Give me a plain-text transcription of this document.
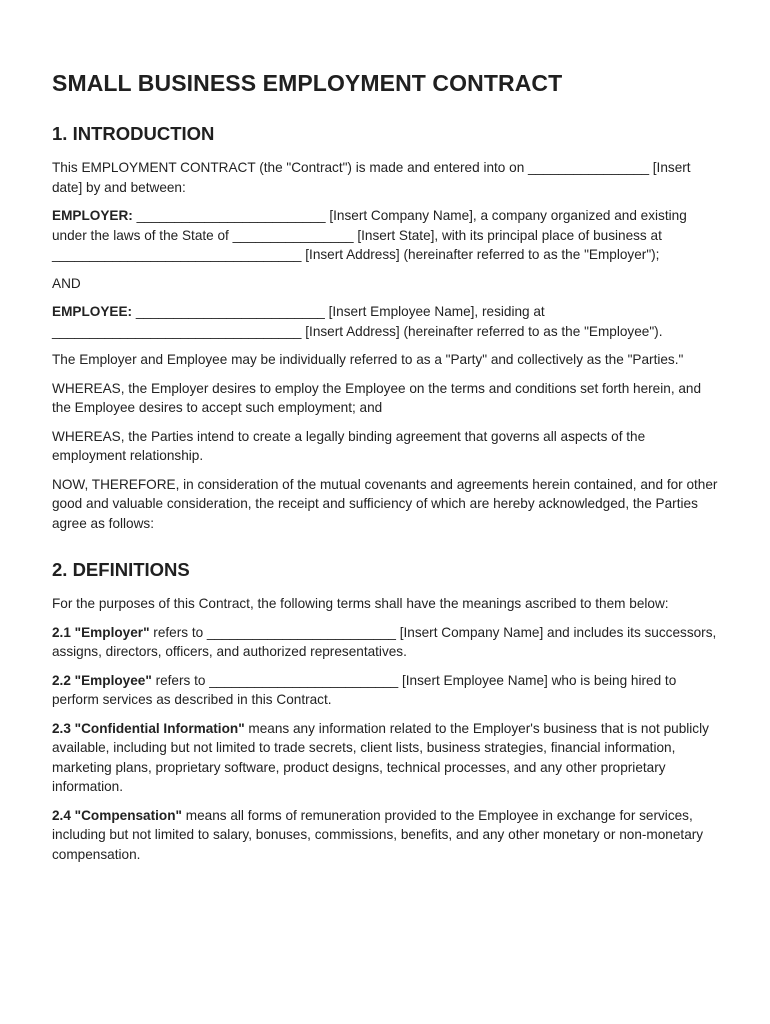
SMALL BUSINESS EMPLOYMENT CONTRACT
1. INTRODUCTION

This EMPLOYMENT CONTRACT (the "Contract") is made and entered into on ________________ [Insert date] by and between:

EMPLOYER: _________________________ [Insert Company Name], a company organized and existing under the laws of the State of ________________ [Insert State], with its principal place of business at _________________________________ [Insert Address] (hereinafter referred to as the "Employer");

AND

EMPLOYEE: _________________________ [Insert Employee Name], residing at _________________________________ [Insert Address] (hereinafter referred to as the "Employee").

The Employer and Employee may be individually referred to as a "Party" and collectively as the "Parties."

WHEREAS, the Employer desires to employ the Employee on the terms and conditions set forth herein, and the Employee desires to accept such employment; and

WHEREAS, the Parties intend to create a legally binding agreement that governs all aspects of the employment relationship.

NOW, THEREFORE, in consideration of the mutual covenants and agreements herein contained, and for other good and valuable consideration, the receipt and sufficiency of which are hereby acknowledged, the Parties agree as follows:

2. DEFINITIONS

For the purposes of this Contract, the following terms shall have the meanings ascribed to them below:

2.1 "Employer" refers to _________________________ [Insert Company Name] and includes its successors, assigns, directors, officers, and authorized representatives.

2.2 "Employee" refers to _________________________ [Insert Employee Name] who is being hired to perform services as described in this Contract.

2.3 "Confidential Information" means any information related to the Employer's business that is not publicly available, including but not limited to trade secrets, client lists, business strategies, financial information, marketing plans, proprietary software, product designs, technical processes, and any other proprietary information.

2.4 "Compensation" means all forms of remuneration provided to the Employee in exchange for services, including but not limited to salary, bonuses, commissions, benefits, and any other monetary or non-monetary compensation.
